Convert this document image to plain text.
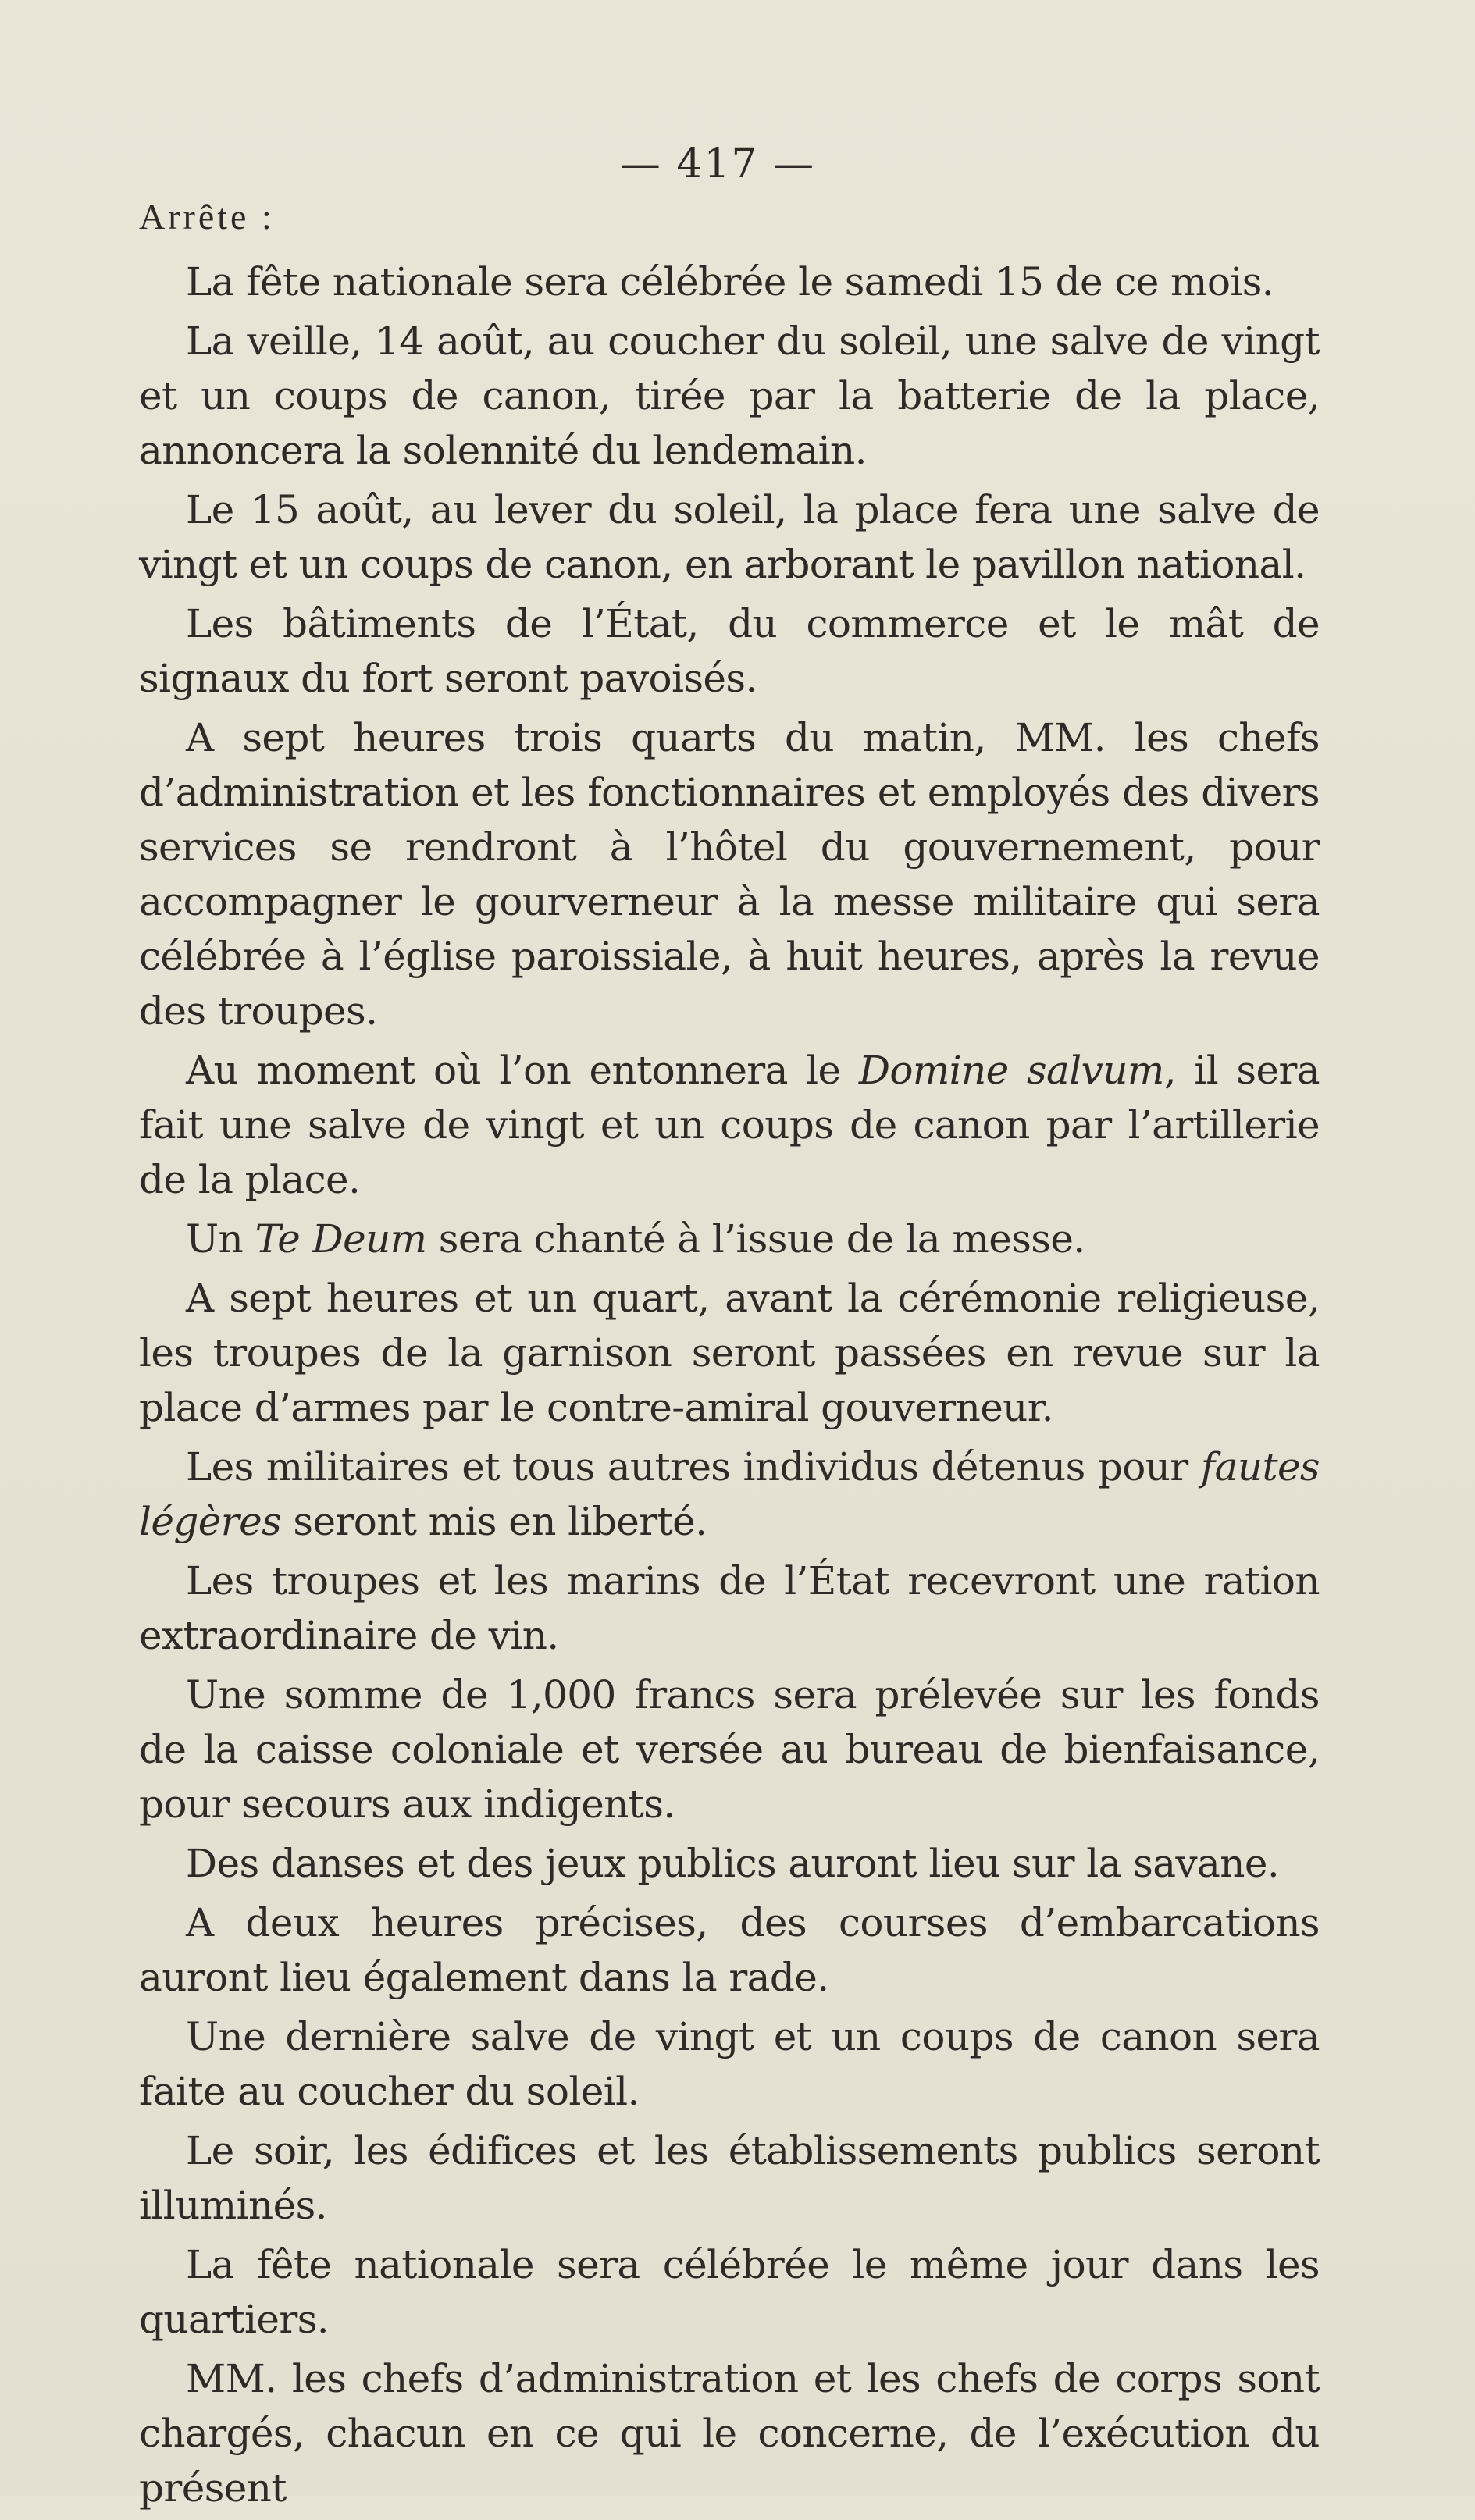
— 417 —
Arrête :

La fête nationale sera célébrée le samedi 15 de ce mois.

La veille, 14 août, au coucher du soleil, une salve de vingt et un coups de canon, tirée par la batterie de la place, annoncera la solennité du lendemain.

Le 15 août, au lever du soleil, la place fera une salve de vingt et un coups de canon, en arborant le pavillon national.

Les bâtiments de l’État, du commerce et le mât de signaux du fort seront pavoisés.

A sept heures trois quarts du matin, MM. les chefs d’administration et les fonctionnaires et employés des divers services se rendront à l’hôtel du gouvernement, pour accompagner le gourverneur à la messe militaire qui sera célébrée à l’église paroissiale, à huit heures, après la revue des troupes.

Au moment où l’on entonnera le Domine salvum, il sera fait une salve de vingt et un coups de canon par l’artillerie de la place.

Un Te Deum sera chanté à l’issue de la messe.

A sept heures et un quart, avant la cérémonie religieuse, les troupes de la garnison seront passées en revue sur la place d’armes par le contre-amiral gouverneur.

Les militaires et tous autres individus détenus pour fautes légères seront mis en liberté.

Les troupes et les marins de l’État recevront une ration extraordinaire de vin.

Une somme de 1,000 francs sera prélevée sur les fonds de la caisse coloniale et versée au bureau de bienfaisance, pour secours aux indigents.

Des danses et des jeux publics auront lieu sur la savane.

A deux heures précises, des courses d’embarcations auront lieu également dans la rade.

Une dernière salve de vingt et un coups de canon sera faite au coucher du soleil.

Le soir, les édifices et les établissements publics seront illuminés.

La fête nationale sera célébrée le même jour dans les quartiers.

MM. les chefs d’administration et les chefs de corps sont chargés, chacun en ce qui le concerne, de l’exécution du présent
